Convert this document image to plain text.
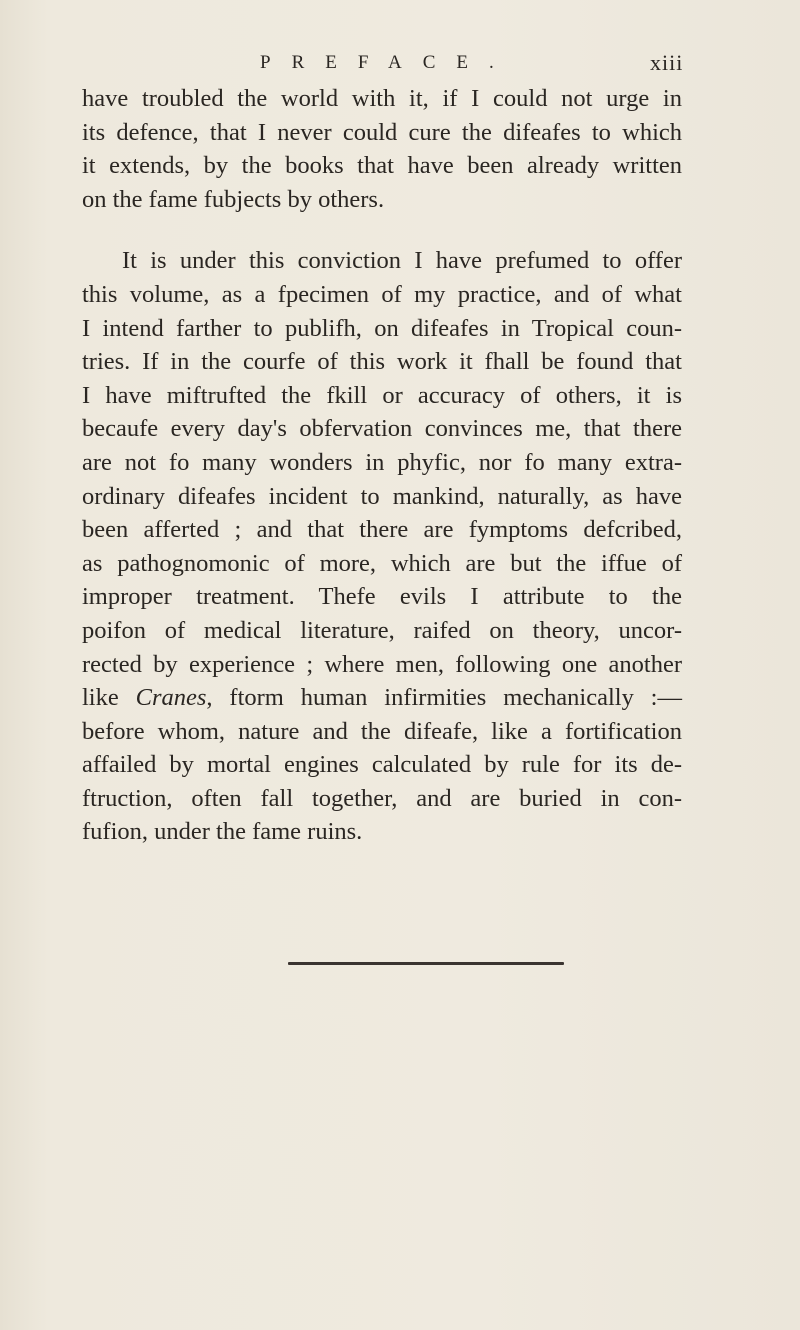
PREFACE.	xiii
have troubled the world with it, if I could not urge in
its defence, that I never could cure the difeafes to which
it extends, by the books that have been already written
on the fame fubjects by others.
It is under this conviction I have prefumed to offer
this volume, as a fpecimen of my practice, and of what
I intend farther to publifh, on difeafes in Tropical coun-
tries. If in the courfe of this work it fhall be found that
I have miftrufted the fkill or accuracy of others, it is
becaufe every day's obfervation convinces me, that there
are not fo many wonders in phyfic, nor fo many extra-
ordinary difeafes incident to mankind, naturally, as have
been afferted ; and that there are fymptoms defcribed,
as pathognomonic of more, which are but the iffue of
improper treatment. Thefe evils I attribute to the
poifon of medical literature, raifed on theory, uncor-
rected by experience ; where men, following one another
like Cranes, ftorm human infirmities mechanically :—
before whom, nature and the difeafe, like a fortification
affailed by mortal engines calculated by rule for its de-
ftruction, often fall together, and are buried in con-
fufion, under the fame ruins.
